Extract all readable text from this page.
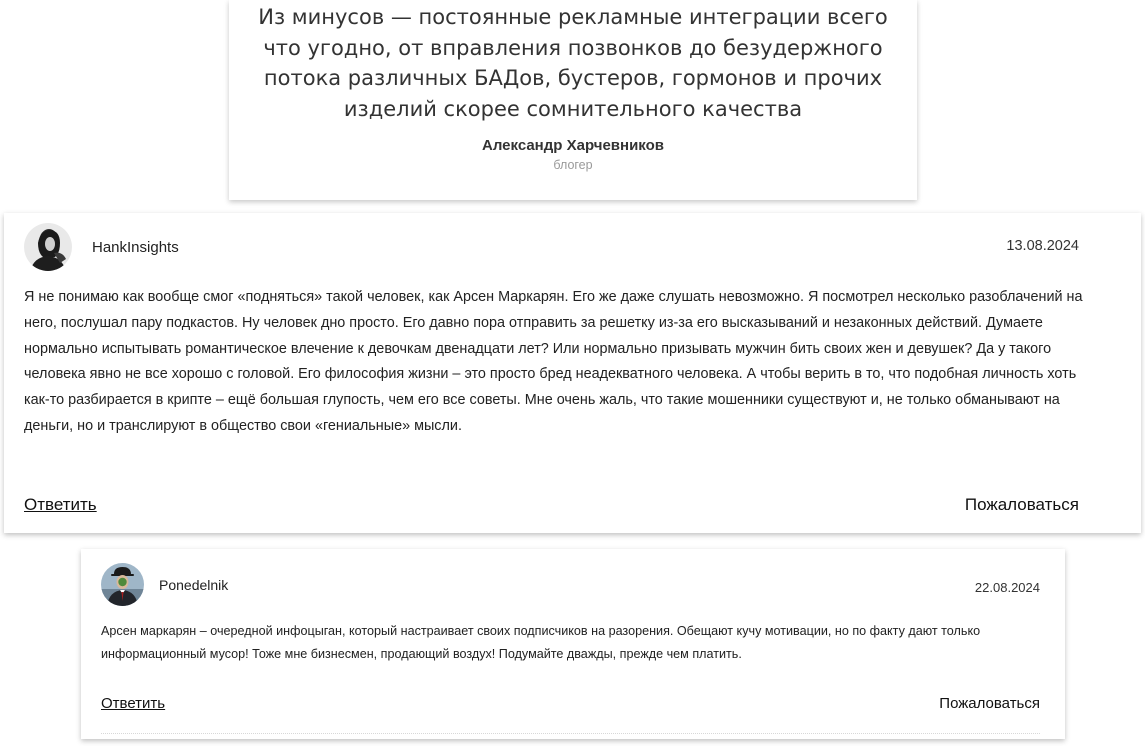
Из минусов — постоянные рекламные интеграции всего что угодно, от вправления позвонков до безудержного потока различных БАДов, бустеров, гормонов и прочих изделий скорее сомнительного качества

Александр Харчевников
блогер
HankInsights	13.08.2024

Я не понимаю как вообще смог «подняться» такой человек, как Арсен Маркарян. Его же даже слушать невозможно. Я посмотрел несколько разоблачений на него, послушал пару подкастов. Ну человек дно просто. Его давно пора отправить за решетку из-за его высказываний и незаконных действий. Думаете нормально испытывать романтическое влечение к девочкам двенадцати лет? Или нормально призывать мужчин бить своих жен и девушек? Да у такого человека явно не все хорошо с головой. Его философия жизни – это просто бред неадекватного человека. А чтобы верить в то, что подобная личность хоть как-то разбирается в крипте – ещё большая глупость, чем его все советы. Мне очень жаль, что такие мошенники существуют и, не только обманывают на деньги, но и транслируют в общество свои «гениальные» мысли.

Ответить	Пожаловаться
Ponedelnik	22.08.2024

Арсен маркарян – очередной инфоцыган, который настраивает своих подписчиков на разорения. Обещают кучу мотивации, но по факту дают только информационный мусор! Тоже мне бизнесмен, продающий воздух! Подумайте дважды, прежде чем платить.

Ответить	Пожаловаться
